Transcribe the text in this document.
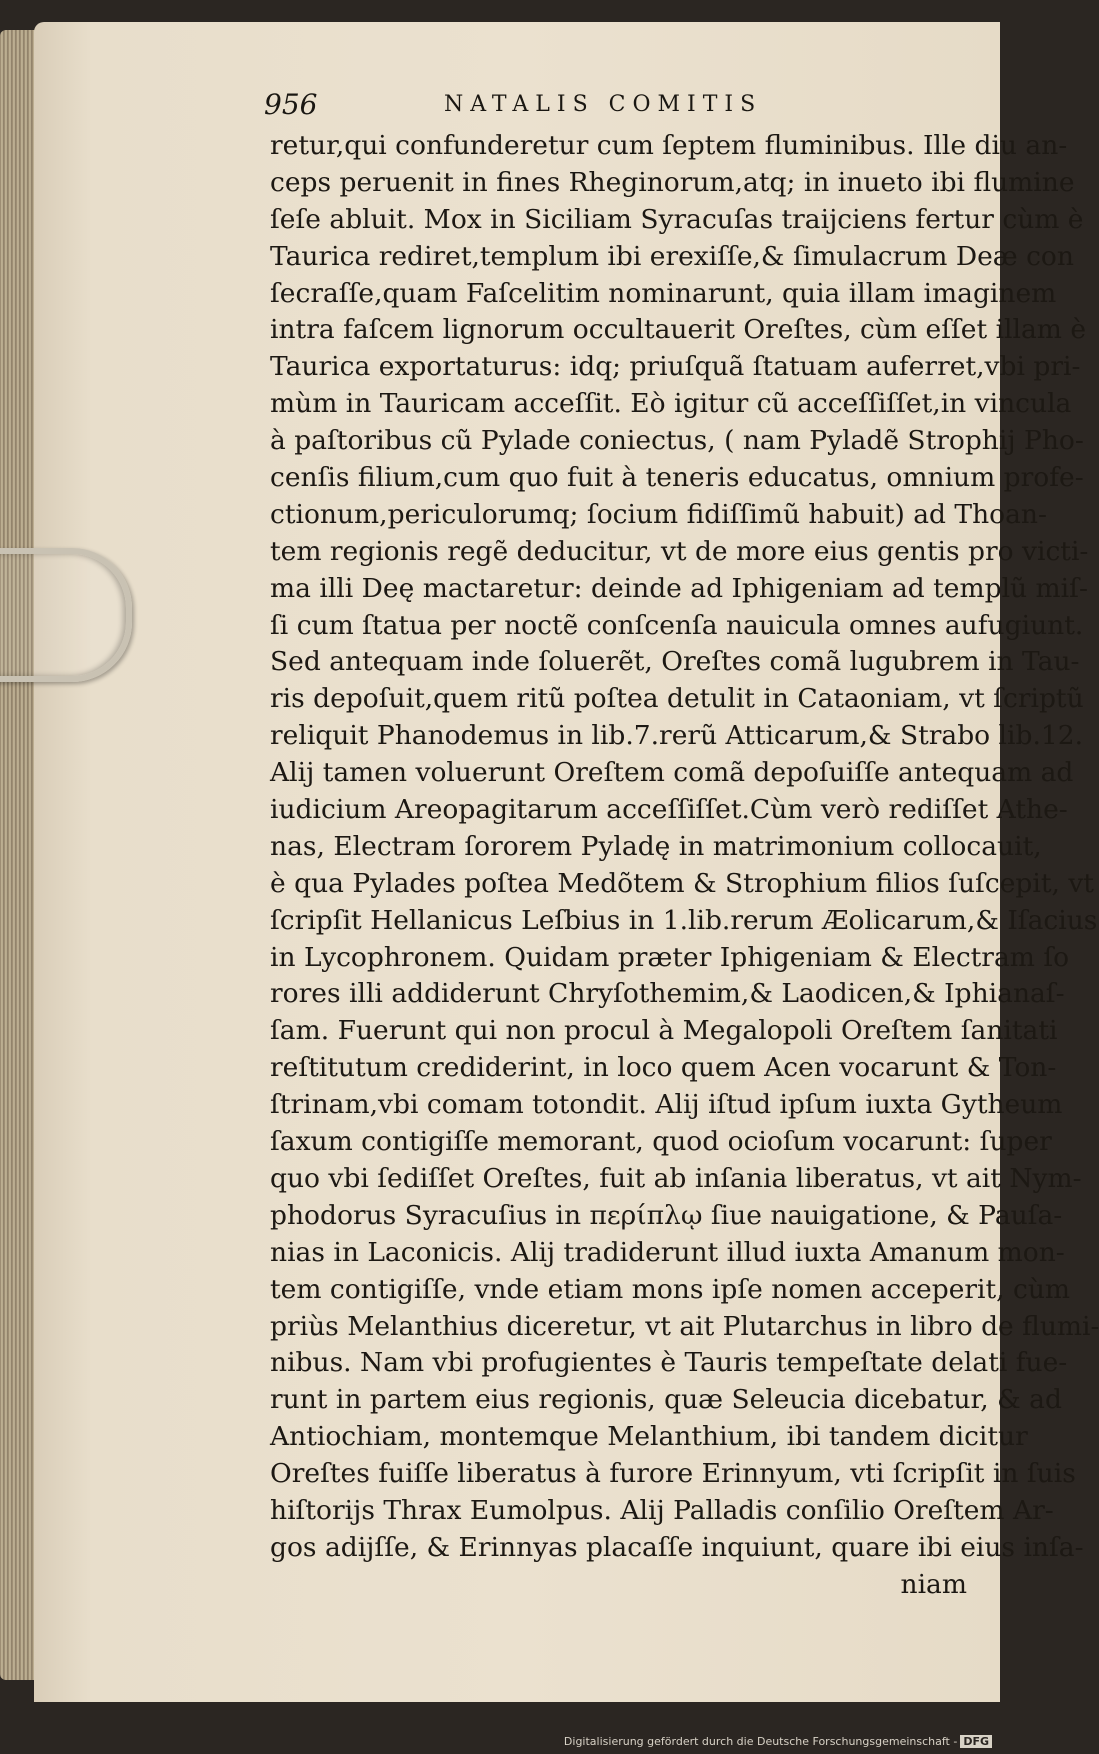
956	NATALIS COMITIS
retur,qui confunderetur cum ſeptem fluminibus. Ille diu an-
ceps peruenit in fines Rheginorum,atq; in inueto ibi flumine
ſeſe abluit. Mox in Siciliam Syracuſas traijciens fertur cùm è
Taurica rediret,templum ibi erexiſſe,& ſimulacrum Deæ con
ſecraſſe,quam Faſcelitim nominarunt, quia illam imaginem
intra faſcem lignorum occultauerit Oreſtes, cùm eſſet illam è
Taurica exportaturus: idq; priuſquã ſtatuam auferret,vbi pri-
mùm in Tauricam acceſſit. Eò igitur cũ acceſſiſſet,in vincula
à paſtoribus cũ Pylade coniectus, ( nam Pyladẽ Strophij Pho-
cenſis filium,cum quo fuit à teneris educatus, omnium profe-
ctionum,periculorumq; ſocium fidiſſimũ habuit) ad Thoan-
tem regionis regẽ deducitur, vt de more eius gentis pro victi-
ma illi Deę mactaretur: deinde ad Iphigeniam ad templũ miſ-
ſi cum ſtatua per noctẽ conſcenſa nauicula omnes aufugiunt.
Sed antequam inde ſoluerẽt, Oreſtes comã lugubrem in Tau-
ris depoſuit,quem ritũ poſtea detulit in Cataoniam, vt ſcriptũ
reliquit Phanodemus in lib.7.rerũ Atticarum,& Strabo lib.12.
Alij tamen voluerunt Oreſtem comã depoſuiſſe antequam ad
iudicium Areopagitarum acceſſiſſet.Cùm verò rediſſet Athe-
nas, Electram ſororem Pyladę in matrimonium collocauit,
è qua Pylades poſtea Medõtem & Strophium filios ſuſcepit, vt
ſcripſit Hellanicus Leſbius in 1.lib.rerum Æolicarum,& Iſacius
in Lycophronem. Quidam præter Iphigeniam & Electram ſo
rores illi addiderunt Chryſothemim,& Laodicen,& Iphianaſ-
ſam. Fuerunt qui non procul à Megalopoli Oreſtem ſanitati
reſtitutum crediderint, in loco quem Acen vocarunt & Ton-
ſtrinam,vbi comam totondit. Alij iſtud ipſum iuxta Gytheum
ſaxum contigiſſe memorant, quod ocioſum vocarunt: ſuper
quo vbi ſediſſet Oreſtes, fuit ab inſania liberatus, vt ait Nym-
phodorus Syracuſius in περίπλῳ ſiue nauigatione, & Pauſa-
nias in Laconicis. Alij tradiderunt illud iuxta Amanum mon-
tem contigiſſe, vnde etiam mons ipſe nomen acceperit, cùm
priùs Melanthius diceretur, vt ait Plutarchus in libro de flumi-
nibus. Nam vbi profugientes è Tauris tempeſtate delati fue-
runt in partem eius regionis, quæ Seleucia dicebatur, & ad
Antiochiam, montemque Melanthium, ibi tandem dicitur
Oreſtes fuiſſe liberatus à furore Erinnyum, vti ſcripſit in ſuis
hiſtorijs Thrax Eumolpus. Alij Palladis conſilio Oreſtem Ar-
gos adijſſe, & Erinnyas placaſſe inquiunt, quare ibi eius inſa-
niam
Digitalisierung gefördert durch die Deutsche Forschungsgemeinschaft - DFG
